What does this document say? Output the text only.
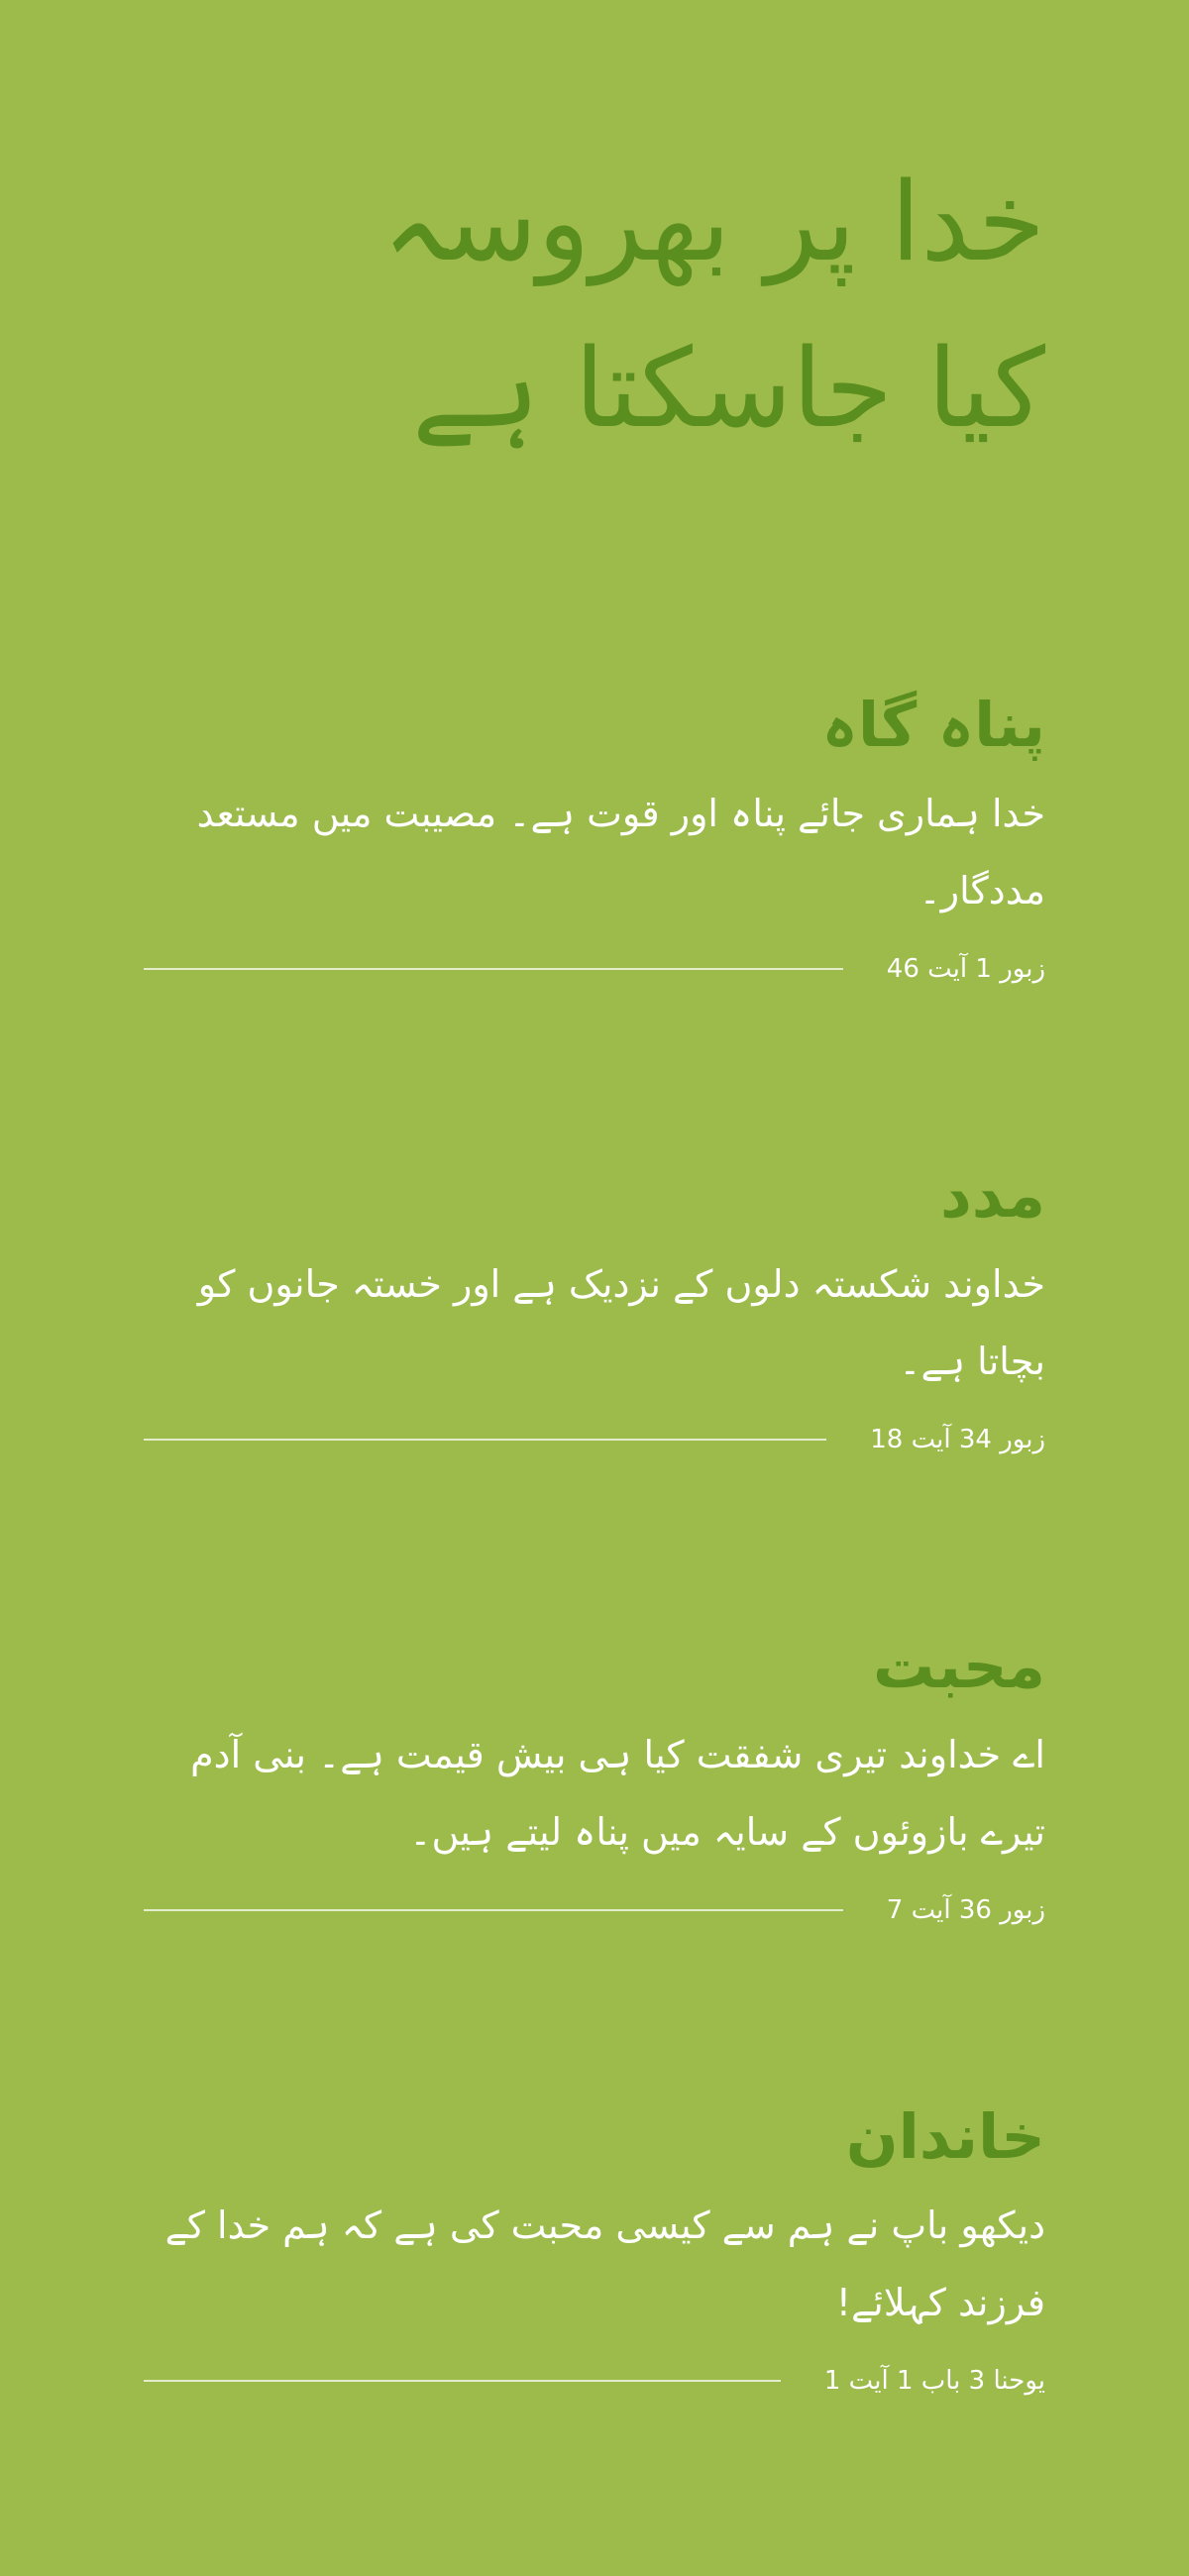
خدا پر بھروسہ
کیا جاسکتا ہے
پناہ گاہ

خدا ہماری جائے پناہ اور قوت ہے۔ مصیبت میں مستعد مددگار۔

زبور 1 آیت 46
مدد

خداوند شکستہ دلوں کے نزدیک ہے اور خستہ جانوں کو بچاتا ہے۔

زبور 34 آیت 18
محبت

اے خداوند تیری شفقت کیا ہی بیش قیمت ہے۔ بنی آدم تیرے بازوئوں کے سایہ میں پناہ لیتے ہیں۔

زبور 36 آیت 7
خاندان

دیکھو باپ نے ہم سے کیسی محبت کی ہے کہ ہم خدا کے فرزند کہلائے!

یوحنا 3 باب 1 آیت 1
